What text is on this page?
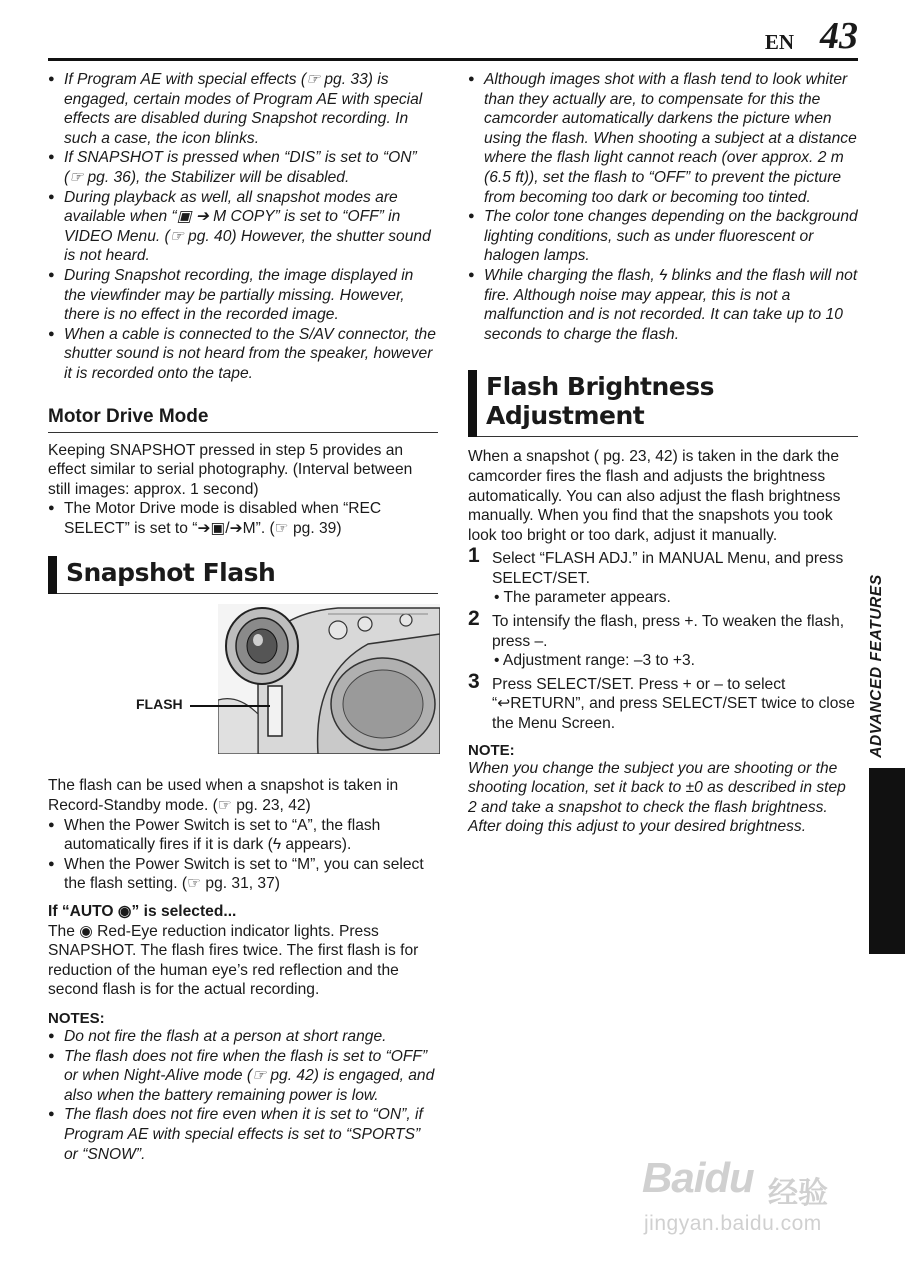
EN 43
● If Program AE with special effects (☞ pg. 33) is engaged, certain modes of Program AE with special effects are disabled during Snapshot recording. In such a case, the icon blinks.
● If SNAPSHOT is pressed when “DIS” is set to “ON” (☞ pg. 36), the Stabilizer will be disabled.
● During playback as well, all snapshot modes are available when “▣ ➔ M COPY” is set to “OFF” in VIDEO Menu. (☞ pg. 40) However, the shutter sound is not heard.
● During Snapshot recording, the image displayed in the viewfinder may be partially missing. However, there is no effect in the recorded image.
● When a cable is connected to the S/AV connector, the shutter sound is not heard from the speaker, however it is recorded onto the tape.
Motor Drive Mode
Keeping SNAPSHOT pressed in step 5 provides an effect similar to serial photography. (Interval between still images: approx. 1 second)
● The Motor Drive mode is disabled when “REC SELECT” is set to “➔▣/➔M”. (☞ pg. 39)
Snapshot Flash
FLASH
The flash can be used when a snapshot is taken in Record-Standby mode. (☞ pg. 23, 42)
● When the Power Switch is set to “A”, the flash automatically fires if it is dark (ϟ appears).
● When the Power Switch is set to “M”, you can select the flash setting. (☞ pg. 31, 37)
If “AUTO ◉” is selected...
The ◉ Red-Eye reduction indicator lights. Press SNAPSHOT. The flash fires twice. The first flash is for reduction of the human eye’s red reflection and the second flash is for the actual recording.
NOTES:
● Do not fire the flash at a person at short range.
● The flash does not fire when the flash is set to “OFF” or when Night-Alive mode (☞ pg. 42) is engaged, and also when the battery remaining power is low.
● The flash does not fire even when it is set to “ON”, if Program AE with special effects is set to “SPORTS” or “SNOW”.
● Although images shot with a flash tend to look whiter than they actually are, to compensate for this the camcorder automatically darkens the picture when using the flash. When shooting a subject at a distance where the flash light cannot reach (over approx. 2 m (6.5 ft)), set the flash to “OFF” to prevent the picture from becoming too dark or becoming too tinted.
● The color tone changes depending on the background lighting conditions, such as under fluorescent or halogen lamps.
● While charging the flash, ϟ blinks and the flash will not fire. Although noise may appear, this is not a malfunction and is not recorded. It can take up to 10 seconds to charge the flash.
Flash Brightness Adjustment
When a snapshot ( pg. 23, 42) is taken in the dark the camcorder fires the flash and adjusts the brightness automatically. You can also adjust the flash brightness manually. When you find that the snapshots you took look too bright or too dark, adjust it manually.
1 Select “FLASH ADJ.” in MANUAL Menu, and press SELECT/SET.
• The parameter appears.
2 To intensify the flash, press +. To weaken the flash, press –.
• Adjustment range: –3 to +3.
3 Press SELECT/SET. Press + or – to select “↩RETURN”, and press SELECT/SET twice to close the Menu Screen.
NOTE:
When you change the subject you are shooting or the shooting location, set it back to ±0 as described in step 2 and take a snapshot to check the flash brightness. After doing this adjust to your desired brightness.
ADVANCED FEATURES
Baidu 经验
jingyan.baidu.com
